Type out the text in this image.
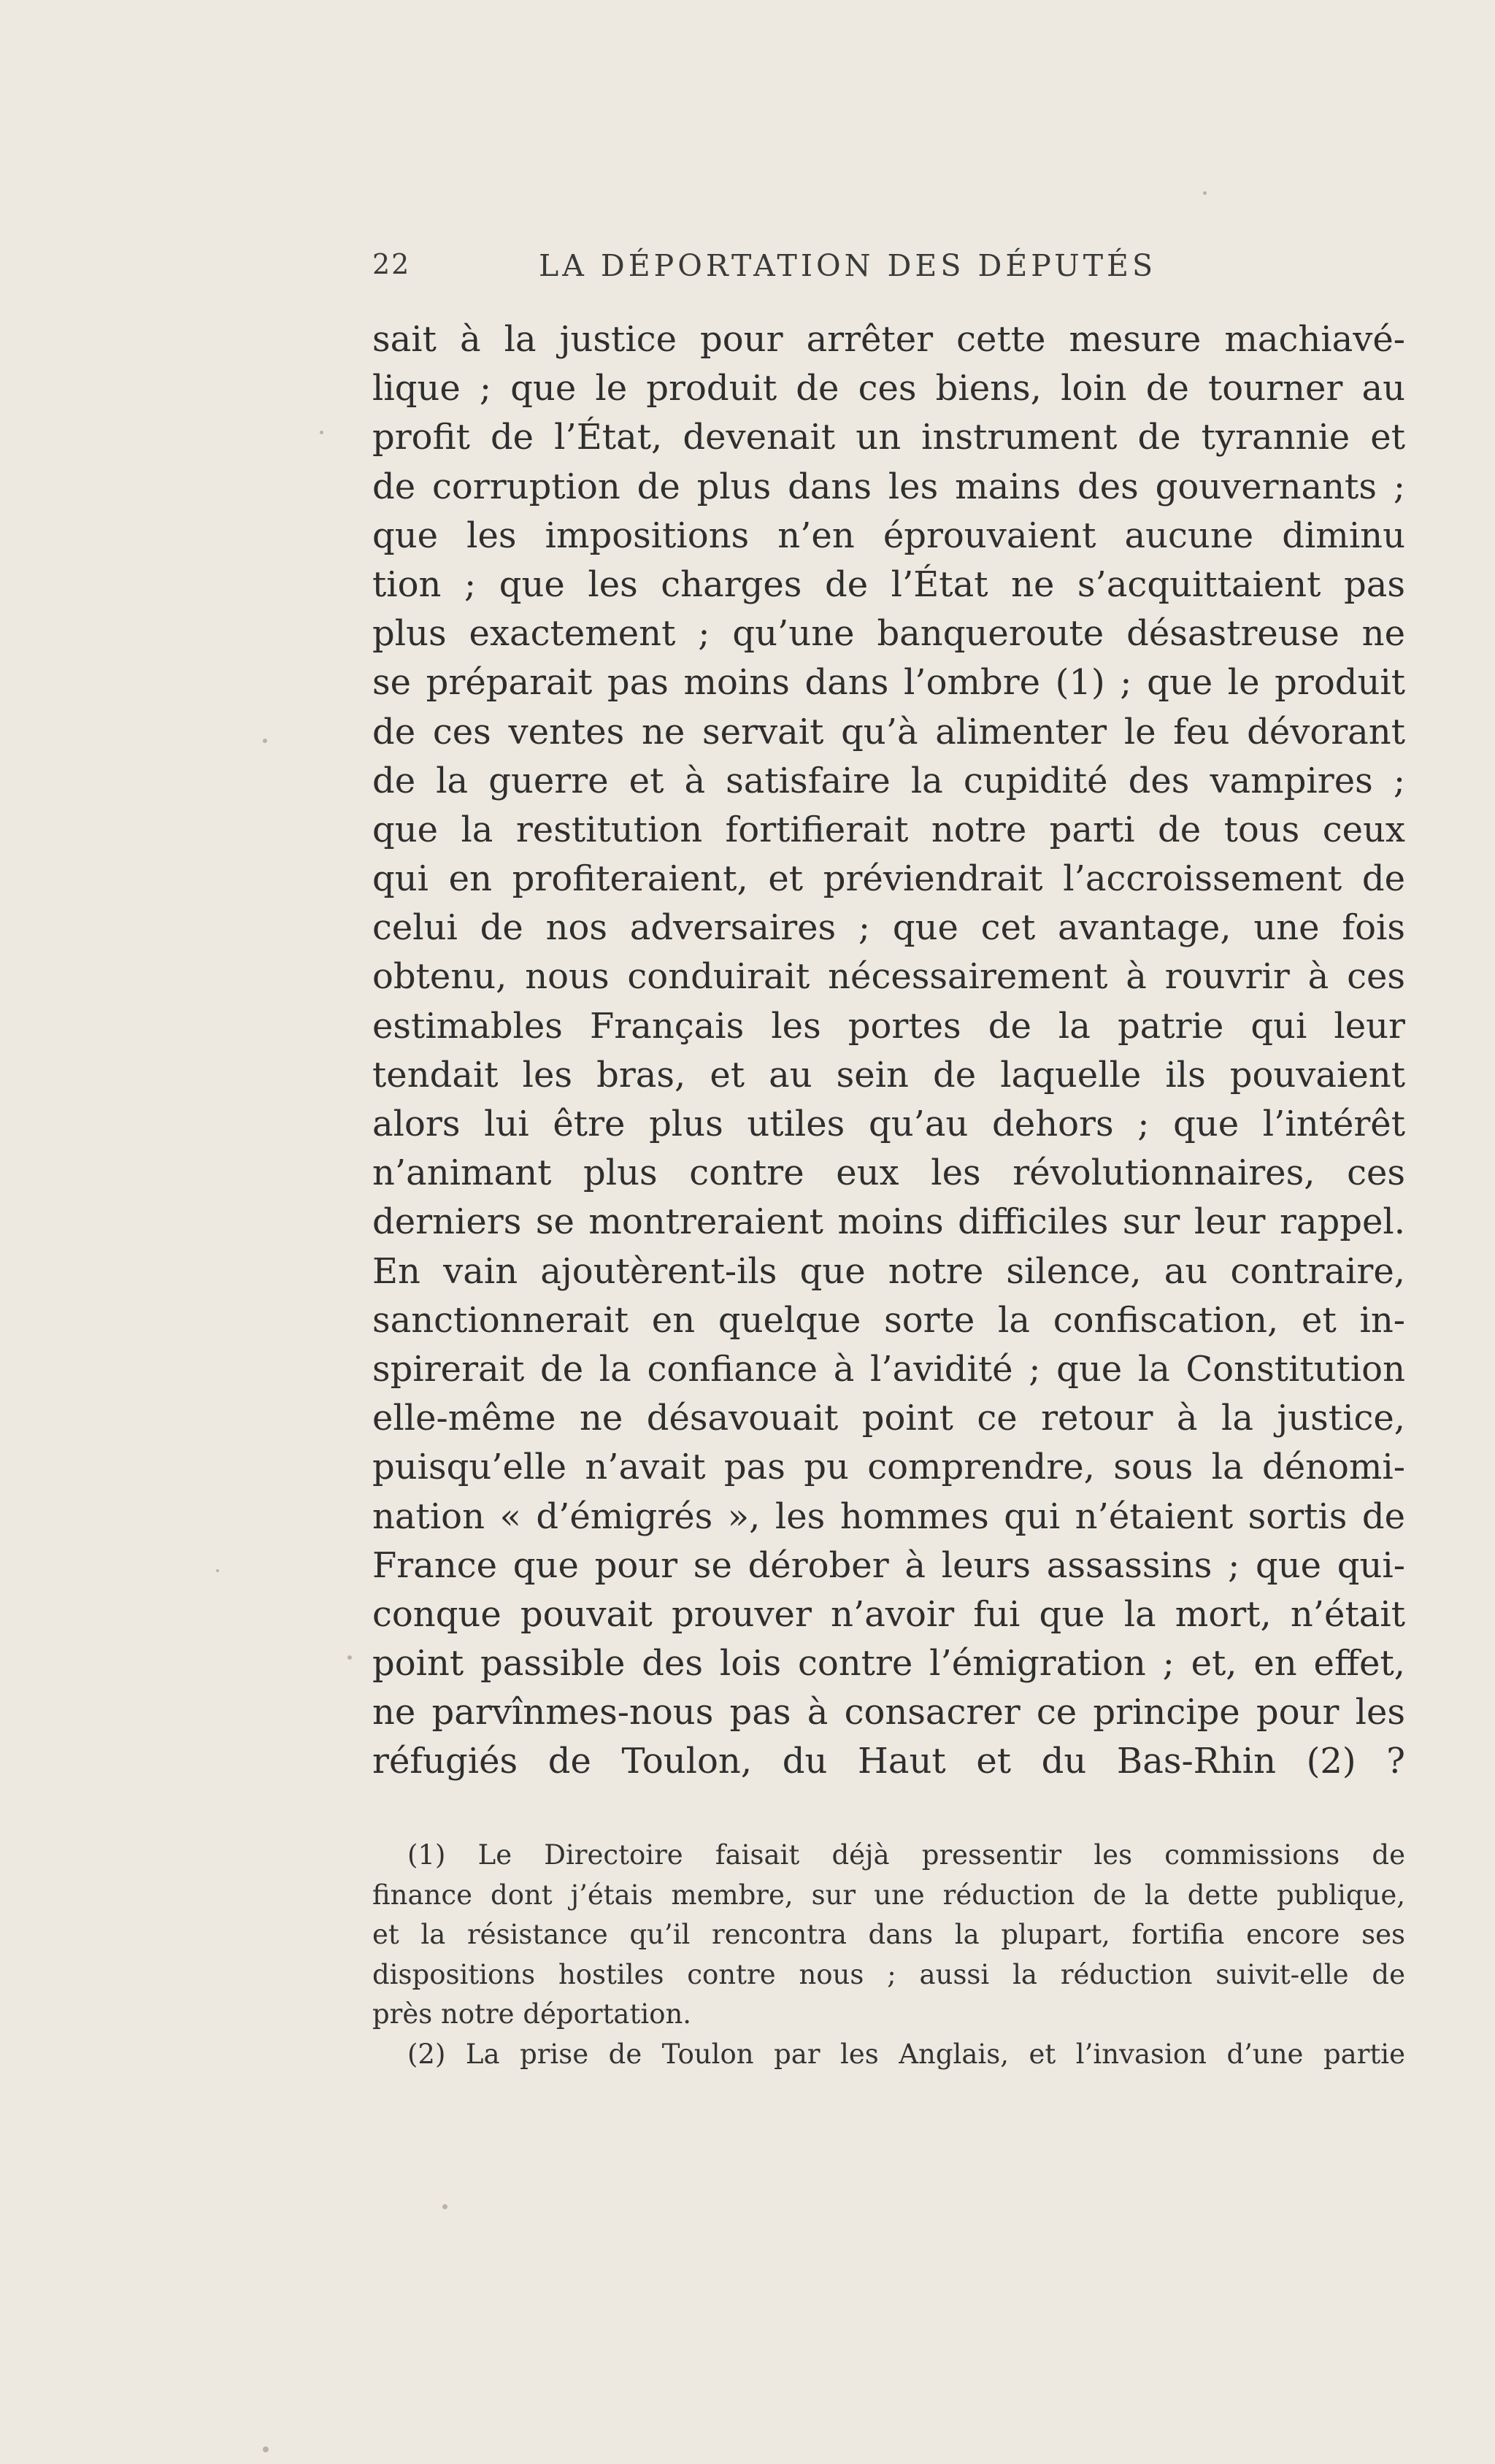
22	LA DÉPORTATION DES DÉPUTÉS
sait à la justice pour arrêter cette mesure machiavé-
lique ; que le produit de ces biens, loin de tourner au
profit de l’État, devenait un instrument de tyrannie et
de corruption de plus dans les mains des gouvernants ;
que les impositions n’en éprouvaient aucune diminu
tion ; que les charges de l’État ne s’acquittaient pas
plus exactement ; qu’une banqueroute désastreuse ne
se préparait pas moins dans l’ombre (1) ; que le produit
de ces ventes ne servait qu’à alimenter le feu dévorant
de la guerre et à satisfaire la cupidité des vampires ;
que la restitution fortifierait notre parti de tous ceux
qui en profiteraient, et préviendrait l’accroissement de
celui de nos adversaires ; que cet avantage, une fois
obtenu, nous conduirait nécessairement à rouvrir à ces
estimables Français les portes de la patrie qui leur
tendait les bras, et au sein de laquelle ils pouvaient
alors lui être plus utiles qu’au dehors ; que l’intérêt
n’animant plus contre eux les révolutionnaires, ces
derniers se montreraient moins difficiles sur leur rappel.
En vain ajoutèrent-ils que notre silence, au contraire,
sanctionnerait en quelque sorte la confiscation, et in-
spirerait de la confiance à l’avidité ; que la Constitution
elle-même ne désavouait point ce retour à la justice,
puisqu’elle n’avait pas pu comprendre, sous la dénomi-
nation « d’émigrés », les hommes qui n’étaient sortis de
France que pour se dérober à leurs assassins ; que qui-
conque pouvait prouver n’avoir fui que la mort, n’était
point passible des lois contre l’émigration ; et, en effet,
ne parvînmes-nous pas à consacrer ce principe pour les
réfugiés de Toulon, du Haut et du Bas-Rhin (2) ?
(1) Le Directoire faisait déjà pressentir les commissions de
finance dont j’étais membre, sur une réduction de la dette publique,
et la résistance qu’il rencontra dans la plupart, fortifia encore ses
dispositions hostiles contre nous ; aussi la réduction suivit-elle de
près notre déportation.
(2) La prise de Toulon par les Anglais, et l’invasion d’une partie
